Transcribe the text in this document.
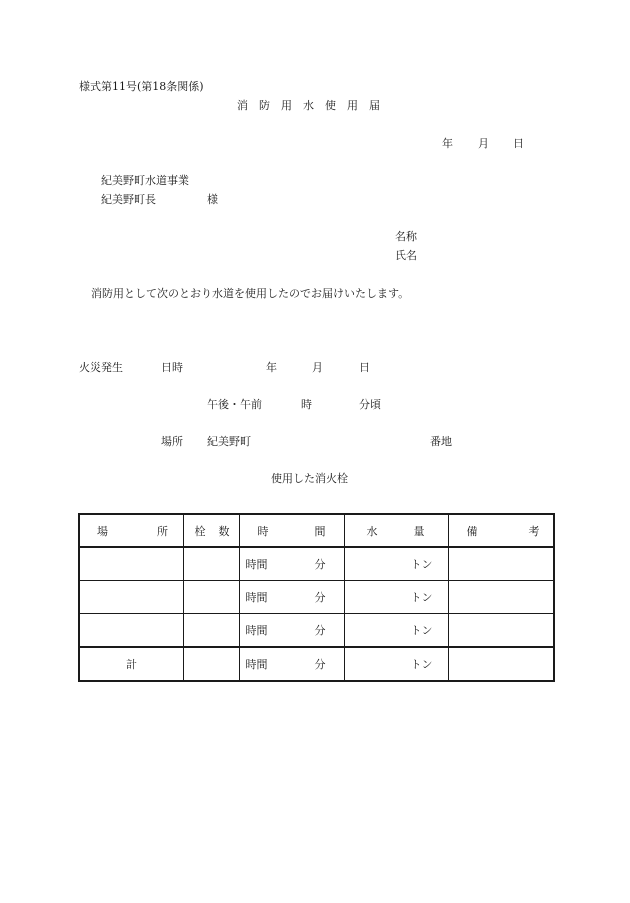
様式第11号(第18条関係)
消　防　用　水　使　用　届
年 月 日
紀美野町水道事業
紀美野町長	様
名称
氏名
消防用として次のとおり水道を使用したのでお届けいたします。
火災発生	日時	年	月	日
午後・午前	時	分頃
場所 紀美野町	番地
使用した消火栓
場 所	栓 数	時 間	水 量	備 考

		時間 分	トン	

		時間 分	トン	

		時間 分	トン	

計		時間 分	トン	
